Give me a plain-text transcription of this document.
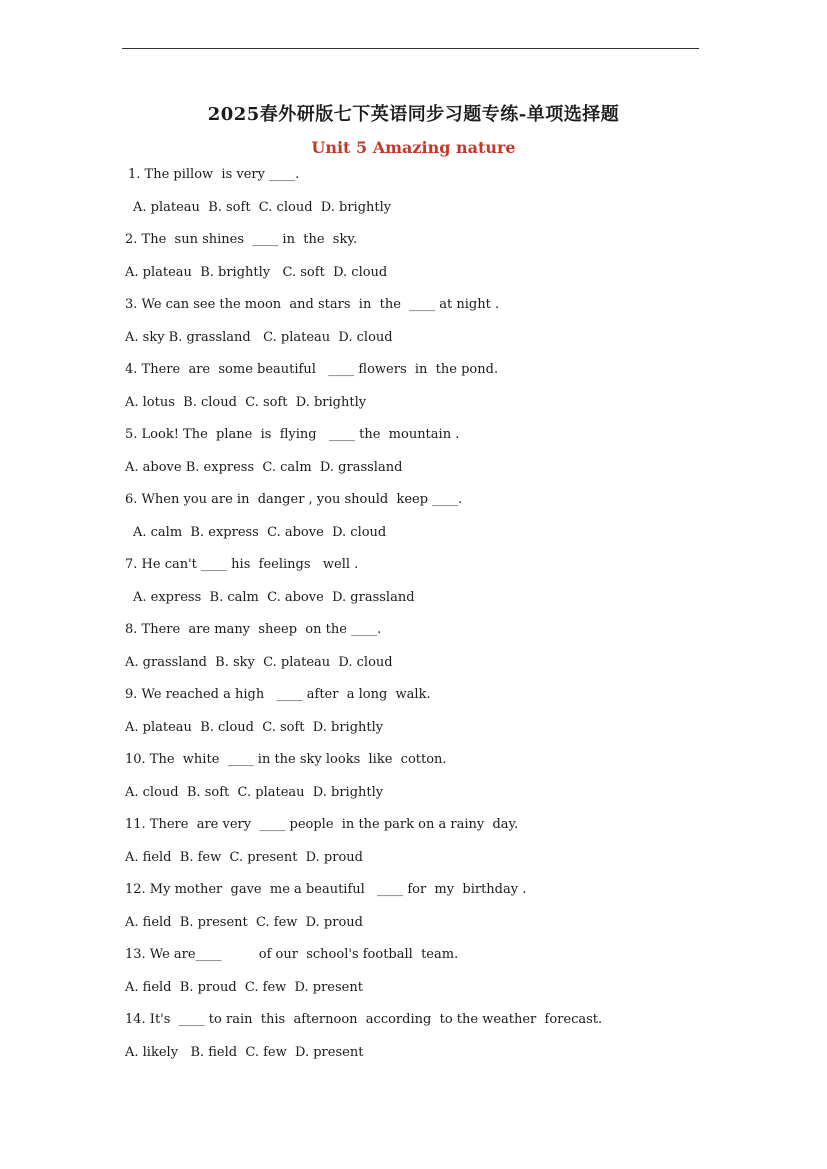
2025春外研版七下英语同步习题专练-单项选择题
Unit 5 Amazing nature
1. The pillow  is very ____.
A. plateau  B. soft  C. cloud  D. brightly
2. The  sun shines  ____ in  the  sky.
A. plateau  B. brightly   C. soft  D. cloud
3. We can see the moon  and stars  in  the  ____ at night .
A. sky B. grassland   C. plateau  D. cloud
4. There  are  some beautiful   ____ flowers  in  the pond.
A. lotus  B. cloud  C. soft  D. brightly
5. Look! The  plane  is  flying   ____ the  mountain .
A. above B. express  C. calm  D. grassland
6. When you are in  danger , you should  keep ____.
A. calm  B. express  C. above  D. cloud
7. He can't ____ his  feelings   well .
A. express  B. calm  C. above  D. grassland
8. There  are many  sheep  on the ____.
A. grassland  B. sky  C. plateau  D. cloud
9. We reached a high   ____ after  a long  walk.
A. plateau  B. cloud  C. soft  D. brightly
10. The  white  ____ in the sky looks  like  cotton.
A. cloud  B. soft  C. plateau  D. brightly
11. There  are very  ____ people  in the park on a rainy  day.
A. field  B. few  C. present  D. proud
12. My mother  gave  me a beautiful   ____ for  my  birthday .
A. field  B. present  C. few  D. proud
13. We are____         of our  school's football  team.
A. field  B. proud  C. few  D. present
14. It's  ____ to rain  this  afternoon  according  to the weather  forecast.
A. likely   B. field  C. few  D. present
